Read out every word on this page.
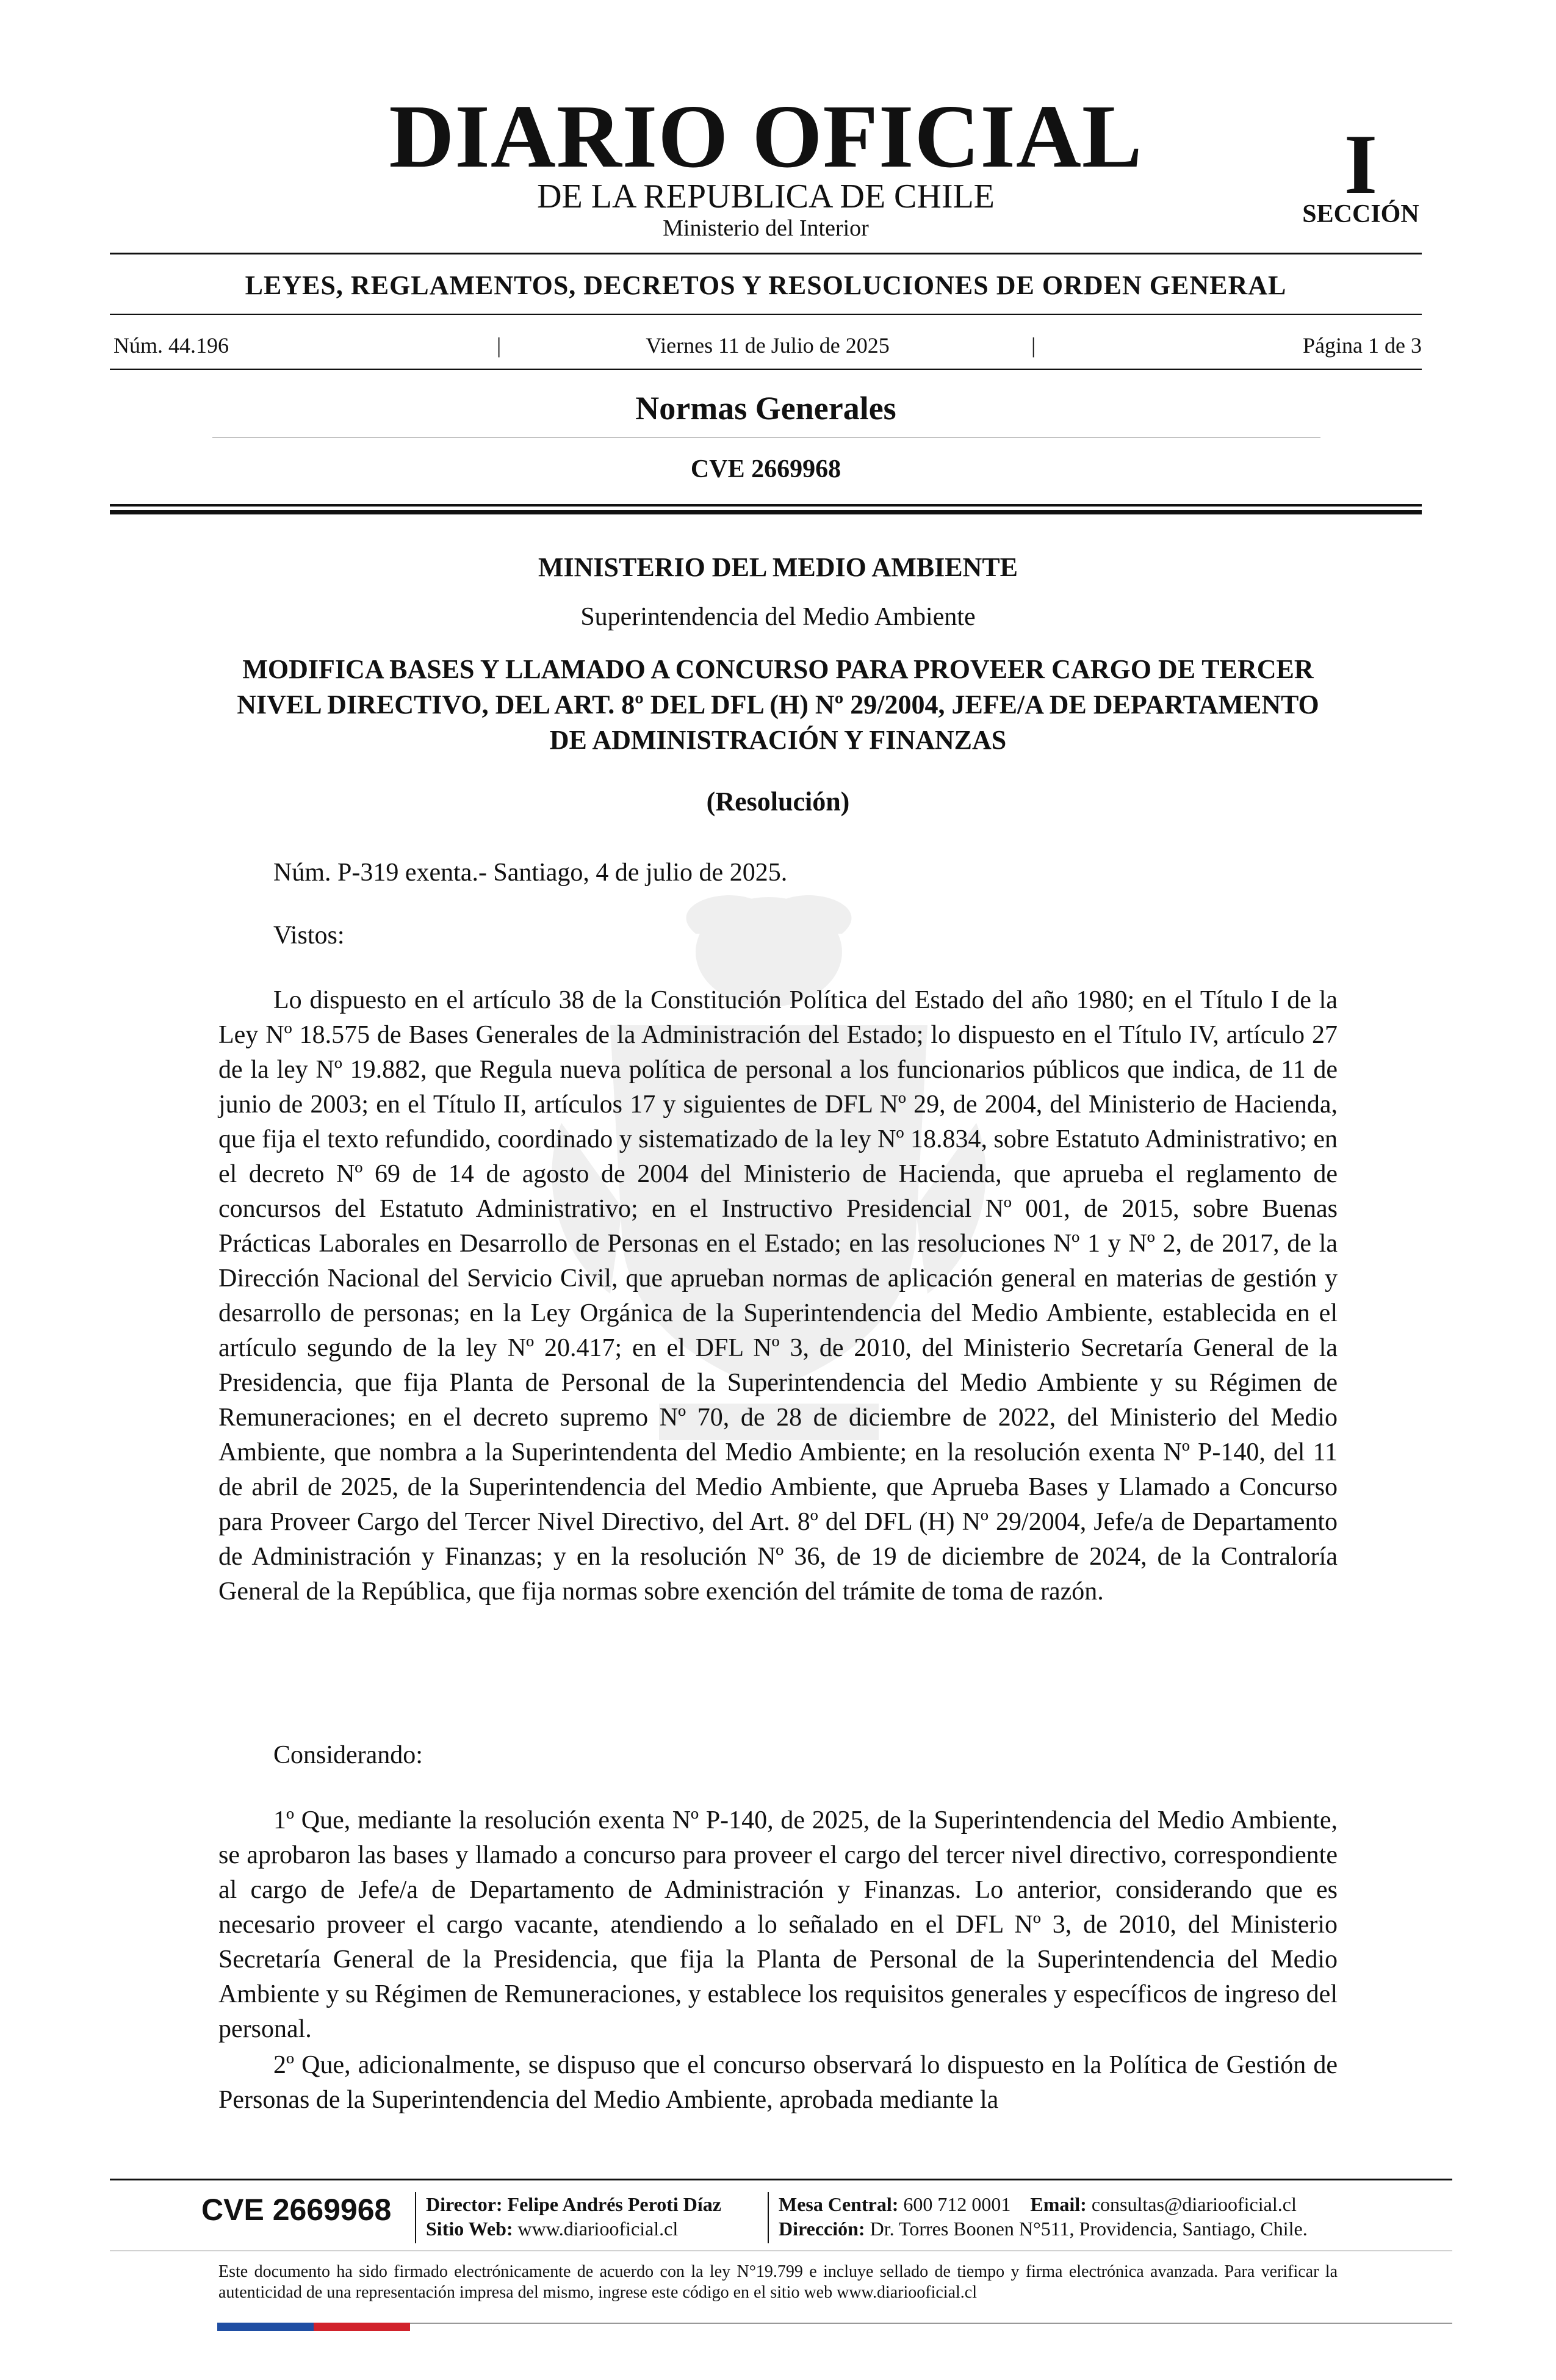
DIARIO OFICIAL
DE LA REPUBLICA DE CHILE
Ministerio del Interior
I
SECCIÓN
LEYES, REGLAMENTOS, DECRETOS Y RESOLUCIONES DE ORDEN GENERAL
Núm. 44.196	|	Viernes 11 de Julio de 2025	|	Página 1 de 3
Normas Generales
CVE 2669968
MINISTERIO DEL MEDIO AMBIENTE
Superintendencia del Medio Ambiente
MODIFICA BASES Y LLAMADO A CONCURSO PARA PROVEER CARGO DE TERCER NIVEL DIRECTIVO, DEL ART. 8º DEL DFL (H) Nº 29/2004, JEFE/A DE DEPARTAMENTO DE ADMINISTRACIÓN Y FINANZAS
(Resolución)
Núm. P-319 exenta.- Santiago, 4 de julio de 2025.
Vistos:
Lo dispuesto en el artículo 38 de la Constitución Política del Estado del año 1980; en el Título I de la Ley Nº 18.575 de Bases Generales de la Administración del Estado; lo dispuesto en el Título IV, artículo 27 de la ley Nº 19.882, que Regula nueva política de personal a los funcionarios públicos que indica, de 11 de junio de 2003; en el Título II, artículos 17 y siguientes de DFL Nº 29, de 2004, del Ministerio de Hacienda, que fija el texto refundido, coordinado y sistematizado de la ley Nº 18.834, sobre Estatuto Administrativo; en el decreto Nº 69 de 14 de agosto de 2004 del Ministerio de Hacienda, que aprueba el reglamento de concursos del Estatuto Administrativo; en el Instructivo Presidencial Nº 001, de 2015, sobre Buenas Prácticas Laborales en Desarrollo de Personas en el Estado; en las resoluciones Nº 1 y Nº 2, de 2017, de la Dirección Nacional del Servicio Civil, que aprueban normas de aplicación general en materias de gestión y desarrollo de personas; en la Ley Orgánica de la Superintendencia del Medio Ambiente, establecida en el artículo segundo de la ley Nº 20.417; en el DFL Nº 3, de 2010, del Ministerio Secretaría General de la Presidencia, que fija Planta de Personal de la Superintendencia del Medio Ambiente y su Régimen de Remuneraciones; en el decreto supremo Nº 70, de 28 de diciembre de 2022, del Ministerio del Medio Ambiente, que nombra a la Superintendenta del Medio Ambiente; en la resolución exenta Nº P-140, del 11 de abril de 2025, de la Superintendencia del Medio Ambiente, que Aprueba Bases y Llamado a Concurso para Proveer Cargo del Tercer Nivel Directivo, del Art. 8º del DFL (H) Nº 29/2004, Jefe/a de Departamento de Administración y Finanzas; y en la resolución Nº 36, de 19 de diciembre de 2024, de la Contraloría General de la República, que fija normas sobre exención del trámite de toma de razón.
Considerando:
1º Que, mediante la resolución exenta Nº P-140, de 2025, de la Superintendencia del Medio Ambiente, se aprobaron las bases y llamado a concurso para proveer el cargo del tercer nivel directivo, correspondiente al cargo de Jefe/a de Departamento de Administración y Finanzas. Lo anterior, considerando que es necesario proveer el cargo vacante, atendiendo a lo señalado en el DFL Nº 3, de 2010, del Ministerio Secretaría General de la Presidencia, que fija la Planta de Personal de la Superintendencia del Medio Ambiente y su Régimen de Remuneraciones, y establece los requisitos generales y específicos de ingreso del personal.
2º Que, adicionalmente, se dispuso que el concurso observará lo dispuesto en la Política de Gestión de Personas de la Superintendencia del Medio Ambiente, aprobada mediante la
CVE 2669968 Director: Felipe Andrés Peroti Díaz
Sitio Web: www.diariooficial.cl
Mesa Central: 600 712 0001 Email: consultas@diariooficial.cl
Dirección: Dr. Torres Boonen N°511, Providencia, Santiago, Chile.
Este documento ha sido firmado electrónicamente de acuerdo con la ley N°19.799 e incluye sellado de tiempo y firma electrónica avanzada. Para verificar la autenticidad de una representación impresa del mismo, ingrese este código en el sitio web www.diariooficial.cl
